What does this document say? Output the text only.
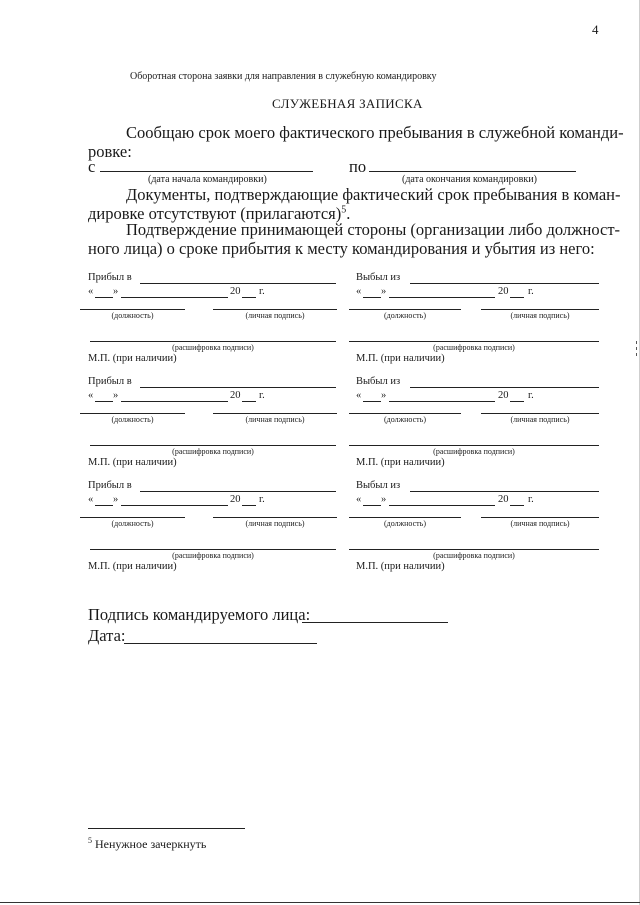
4
Оборотная сторона заявки для направления в служебную командировку
СЛУЖЕБНАЯ ЗАПИСКА
Сообщаю срок моего фактического пребывания в служебной команди-
ровке:
с	по
(дата начала командировки)	(дата окончания командировки)
Документы, подтверждающие фактический срок пребывания в коман-
дировке отсутствуют (прилагаются)$^5$.
Подтверждение принимающей стороны (организации либо должност-
ного лица) о сроке прибытия к месту командирования и убытия из него:
Прибыл в
« »	20 г.
(должность)	(личная подпись)
(расшифровка подписи)
М.П. (при наличии)
Выбыл из
« »	20 г.
(должность)	(личная подпись)
(расшифровка подписи)
М.П. (при наличии)
Прибыл в
« »	20 г.
(должность)	(личная подпись)
(расшифровка подписи)
М.П. (при наличии)
Выбыл из
« »	20 г.
(должность)	(личная подпись)
(расшифровка подписи)
М.П. (при наличии)
Прибыл в
« »	20 г.
(должность)	(личная подпись)
(расшифровка подписи)
М.П. (при наличии)
Выбыл из
« »	20 г.
(должность)	(личная подпись)
(расшифровка подписи)
М.П. (при наличии)
Подпись командируемого лица:
Дата:
$^5$ Ненужное зачеркнуть
